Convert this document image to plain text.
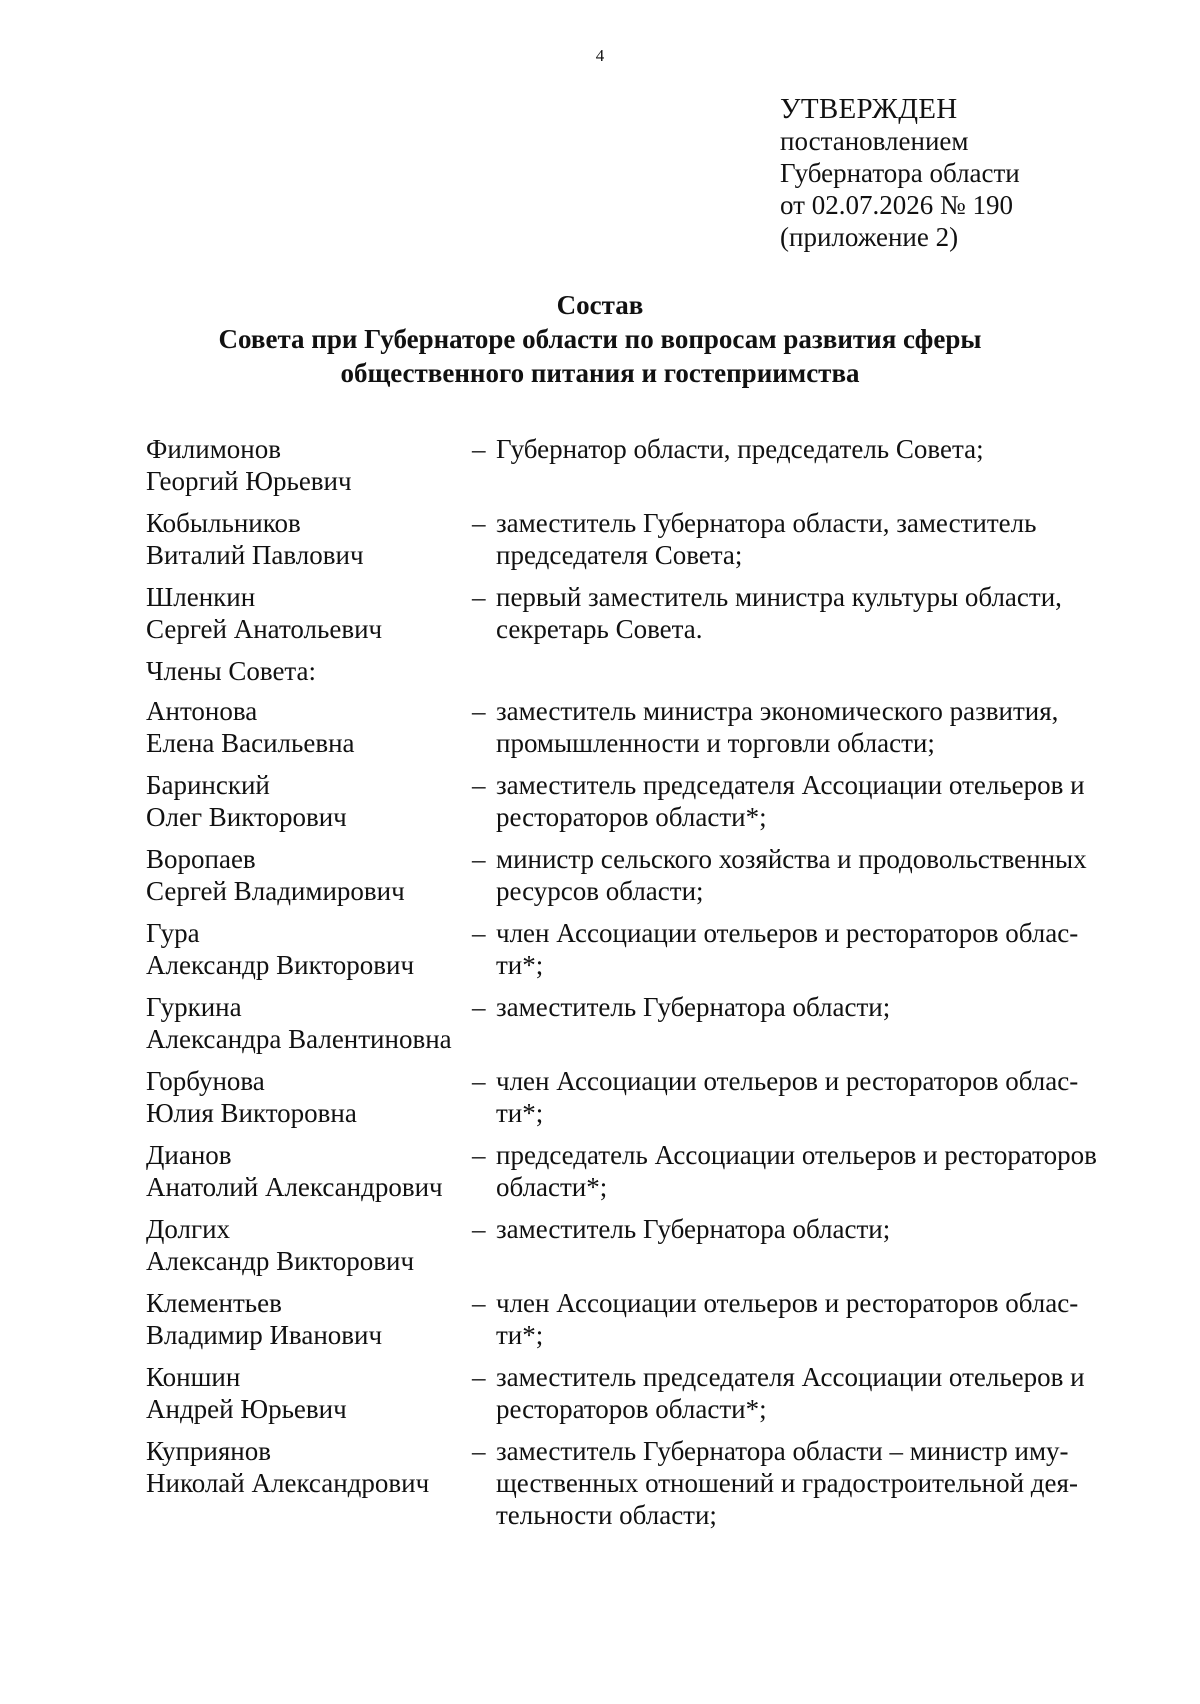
4
УТВЕРЖДЕН
постановлением
Губернатора области
от 02.07.2026 № 190
(приложение 2)
Состав
Совета при Губернаторе области по вопросам развития сферы
общественного питания и гостеприимства
Филимонов
Георгий Юрьевич
– Губернатор области, председатель Совета;
Кобыльников
Виталий Павлович
– заместитель Губернатора области, заместитель
председателя Совета;
Шленкин
Сергей Анатольевич
– первый заместитель министра культуры области,
секретарь Совета.
Члены Совета:
Антонова
Елена Васильевна
– заместитель министра экономического развития,
промышленности и торговли области;
Баринский
Олег Викторович
– заместитель председателя Ассоциации отельеров и
рестораторов области*;
Воропаев
Сергей Владимирович
– министр сельского хозяйства и продовольственных
ресурсов области;
Гура
Александр Викторович
– член Ассоциации отельеров и рестораторов облас-
ти*;
Гуркина
Александра Валентиновна
– заместитель Губернатора области;
Горбунова
Юлия Викторовна
– член Ассоциации отельеров и рестораторов облас-
ти*;
Дианов
Анатолий Александрович
– председатель Ассоциации отельеров и рестораторов
области*;
Долгих
Александр Викторович
– заместитель Губернатора области;
Клементьев
Владимир Иванович
– член Ассоциации отельеров и рестораторов облас-
ти*;
Коншин
Андрей Юрьевич
– заместитель председателя Ассоциации отельеров и
рестораторов области*;
Куприянов
Николай Александрович
– заместитель Губернатора области – министр иму-
щественных отношений и градостроительной дея-
тельности области;
